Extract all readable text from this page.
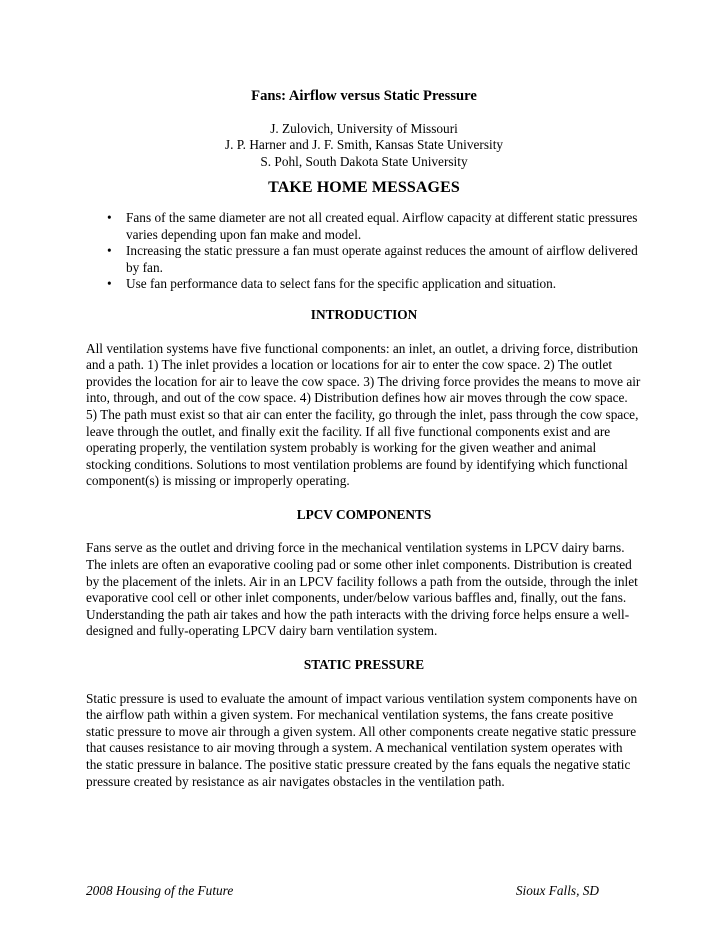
Fans: Airflow versus Static Pressure
J. Zulovich, University of Missouri
J. P. Harner and J. F. Smith, Kansas State University
S. Pohl, South Dakota State University
TAKE HOME MESSAGES
• Fans of the same diameter are not all created equal. Airflow capacity at different static pressures varies depending upon fan make and model.
• Increasing the static pressure a fan must operate against reduces the amount of airflow delivered by fan.
• Use fan performance data to select fans for the specific application and situation.
INTRODUCTION

All ventilation systems have five functional components: an inlet, an outlet, a driving force, distribution and a path. 1) The inlet provides a location or locations for air to enter the cow space. 2) The outlet provides the location for air to leave the cow space. 3) The driving force provides the means to move air into, through, and out of the cow space. 4) Distribution defines how air moves through the cow space. 5) The path must exist so that air can enter the facility, go through the inlet, pass through the cow space, leave through the outlet, and finally exit the facility. If all five functional components exist and are operating properly, the ventilation system probably is working for the given weather and animal stocking conditions. Solutions to most ventilation problems are found by identifying which functional component(s) is missing or improperly operating.

LPCV COMPONENTS

Fans serve as the outlet and driving force in the mechanical ventilation systems in LPCV dairy barns. The inlets are often an evaporative cooling pad or some other inlet components. Distribution is created by the placement of the inlets. Air in an LPCV facility follows a path from the outside, through the inlet evaporative cool cell or other inlet components, under/below various baffles and, finally, out the fans. Understanding the path air takes and how the path interacts with the driving force helps ensure a well-designed and fully-operating LPCV dairy barn ventilation system.

STATIC PRESSURE

Static pressure is used to evaluate the amount of impact various ventilation system components have on the airflow path within a given system. For mechanical ventilation systems, the fans create positive static pressure to move air through a given system. All other components create negative static pressure that causes resistance to air moving through a system. A mechanical ventilation system operates with the static pressure in balance. The positive static pressure created by the fans equals the negative static pressure created by resistance as air navigates obstacles in the ventilation path.

2008 Housing of the Future	Sioux Falls, SD
